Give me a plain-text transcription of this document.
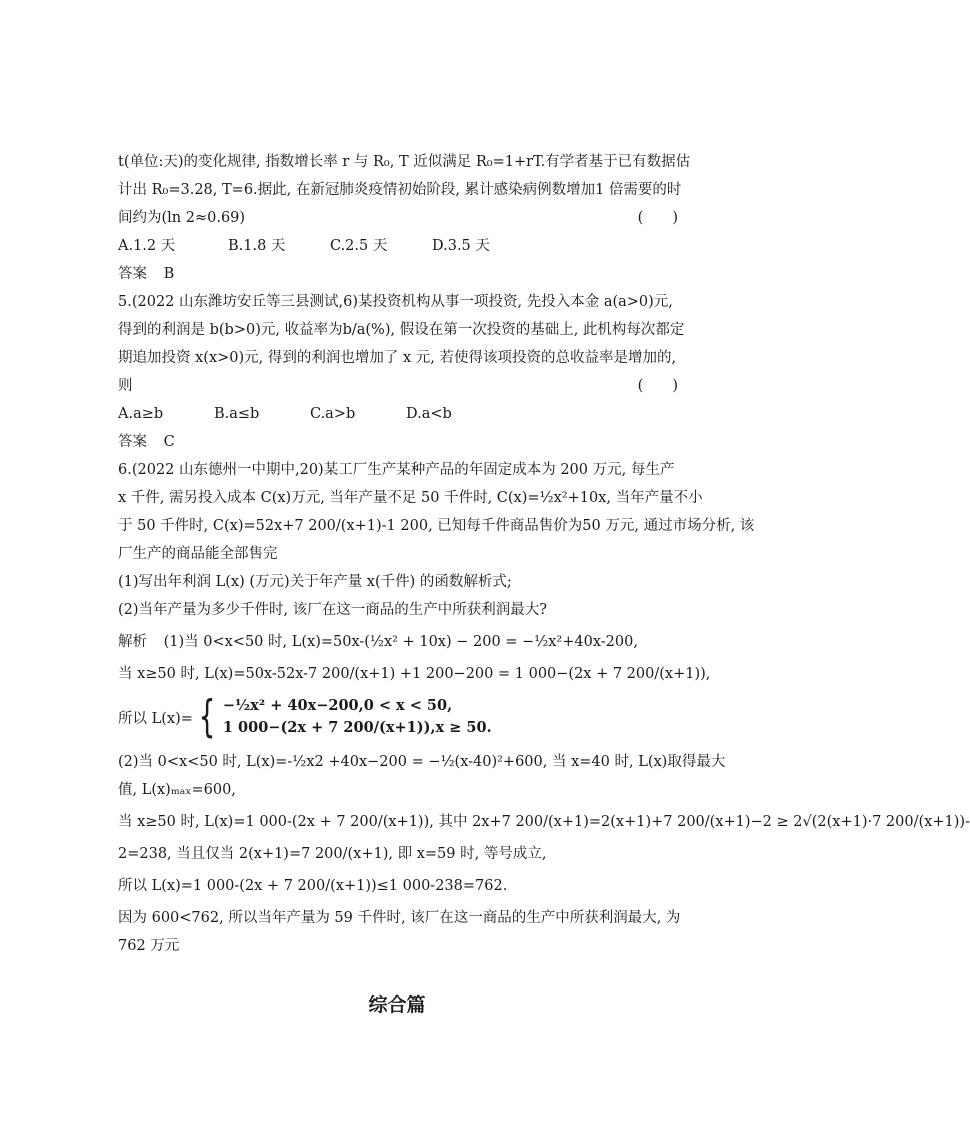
t(单位:天)的变化规律, 指数增长率 r 与 R₀, T 近似满足 R₀=1+rT.有学者基于已有数据估
计出 R₀=3.28, T=6.据此, 在新冠肺炎疫情初始阶段, 累计感染病例数增加1 倍需要的时
间约为(ln 2≈0.69)	(　　)
A.1.2 天	B.1.8 天	C.2.5 天	D.3.5 天
答案 B
5.(2022 山东潍坊安丘等三县测试,6)某投资机构从事一项投资, 先投入本金 a(a>0)元,
得到的利润是 b(b>0)元, 收益率为b/a(%), 假设在第一次投资的基础上, 此机构每次都定
期追加投资 x(x>0)元, 得到的利润也增加了 x 元, 若使得该项投资的总收益率是增加的,
则	(　　)
A.a≥b	B.a≤b	C.a>b	D.a<b
答案 C
6.(2022 山东德州一中期中,20)某工厂生产某种产品的年固定成本为 200 万元, 每生产
x 千件, 需另投入成本 C(x)万元, 当年产量不足 50 千件时, C(x)=½x²+10x, 当年产量不小
于 50 千件时, C(x)=52x+7 200/(x+1)-1 200, 已知每千件商品售价为50 万元, 通过市场分析, 该
厂生产的商品能全部售完
(1)写出年利润 L(x) (万元)关于年产量 x(千件) 的函数解析式;
(2)当年产量为多少千件时, 该厂在这一商品的生产中所获利润最大?
解析 (1)当 0<x<50 时, L(x)=50x-(½x² + 10x) − 200 = −½x²+40x-200,
当 x≥50 时, L(x)=50x-52x-7 200/(x+1) +1 200−200 = 1 000−(2x + 7 200/(x+1)),
所以 L(x)= { −½x² + 40x−200,0 < x < 50,
1 000−(2x + 7 200/(x+1)),x ≥ 50.
(2)当 0<x<50 时, L(x)=-½x2 +40x−200 = −½(x-40)²+600, 当 x=40 时, L(x)取得最大
值, L(x)ₘₐₓ=600,
当 x≥50 时, L(x)=1 000-(2x + 7 200/(x+1)), 其中 2x+7 200/(x+1)=2(x+1)+7 200/(x+1)−2 ≥ 2√(2(x+1)·7 200/(x+1))-
2=238, 当且仅当 2(x+1)=7 200/(x+1), 即 x=59 时, 等号成立,
所以 L(x)=1 000-(2x + 7 200/(x+1))≤1 000-238=762.
因为 600<762, 所以当年产量为 59 千件时, 该厂在这一商品的生产中所获利润最大, 为
762 万元
综合篇
